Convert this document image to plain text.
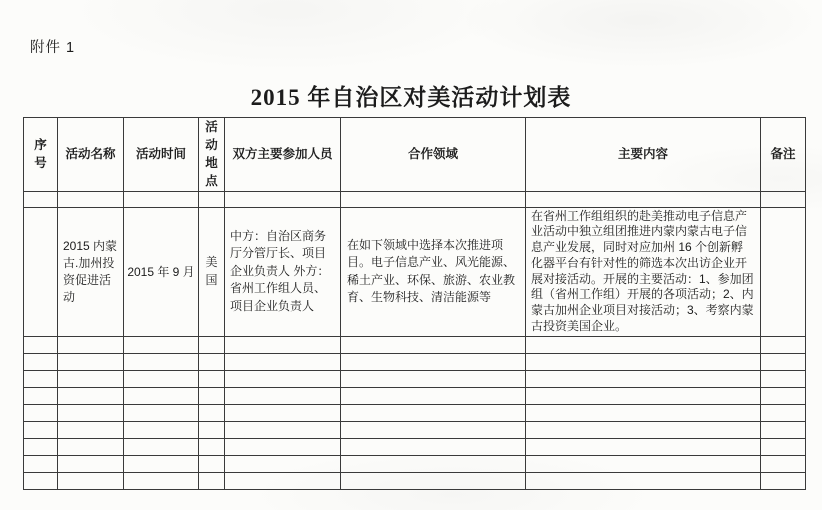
附件 1
2015 年自治区对美活动计划表
序号	活动名称	活动时间	活动地点	双方主要参加人员	合作领域	主要内容	备注

	2015 内蒙古.加州投资促进活动	2015 年 9 月	美国	中方：自治区商务厅分管厅长、项目企业负责人 外方：省州工作组人员、项目企业负责人	在如下领域中选择本次推进项目。电子信息产业、风光能源、稀土产业、环保、旅游、农业教育、生物科技、清洁能源等	在省州工作组组织的赴美推动电子信息产业活动中独立组团推进内蒙内蒙古电子信息产业发展，同时对应加州 16 个创新孵化器平台有针对性的筛选本次出访企业开展对接活动。开展的主要活动：1、参加团组（省州工作组）开展的各项活动；2、内蒙古加州企业项目对接活动；3、考察内蒙古投资美国企业。	
